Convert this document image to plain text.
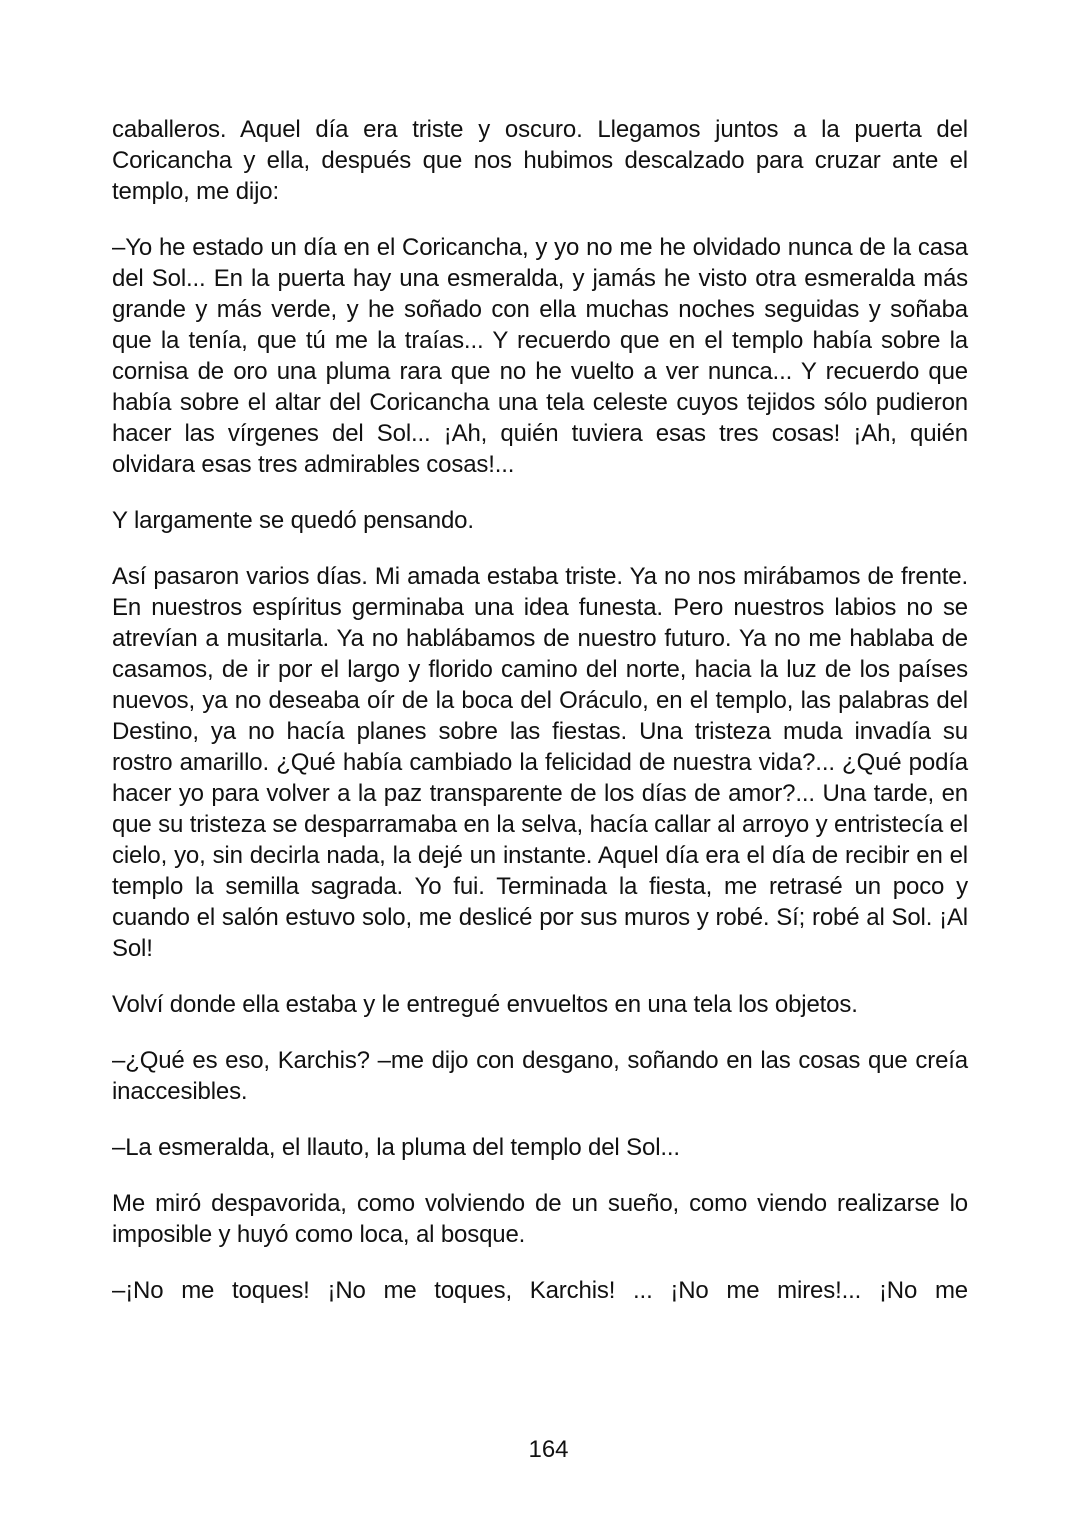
caballeros. Aquel día era triste y oscuro. Llegamos juntos a la puerta del Coricancha y ella, después que nos hubimos descalzado para cruzar ante el templo, me dijo:

–Yo he estado un día en el Coricancha, y yo no me he olvidado nunca de la casa del Sol... En la puerta hay una esmeralda, y jamás he visto otra esmeralda más grande y más verde, y he soñado con ella muchas noches seguidas y soñaba que la tenía, que tú me la traías... Y recuerdo que en el templo había sobre la cornisa de oro una pluma rara que no he vuelto a ver nunca... Y recuerdo que había sobre el altar del Coricancha una tela celeste cuyos tejidos sólo pudieron hacer las vírgenes del Sol... ¡Ah, quién tuviera esas tres cosas! ¡Ah, quién olvidara esas tres admirables cosas!...

Y largamente se quedó pensando.

Así pasaron varios días. Mi amada estaba triste. Ya no nos mirábamos de frente. En nuestros espíritus germinaba una idea funesta. Pero nuestros labios no se atrevían a musitarla. Ya no hablábamos de nuestro futuro. Ya no me hablaba de casamos, de ir por el largo y florido camino del norte, hacia la luz de los países nuevos, ya no deseaba oír de la boca del Oráculo, en el templo, las palabras del Destino, ya no hacía planes sobre las fiestas. Una tristeza muda invadía su rostro amarillo. ¿Qué había cambiado la felicidad de nuestra vida?... ¿Qué podía hacer yo para volver a la paz transparente de los días de amor?... Una tarde, en que su tristeza se desparramaba en la selva, hacía callar al arroyo y entristecía el cielo, yo, sin decirla nada, la dejé un instante. Aquel día era el día de recibir en el templo la semilla sagrada. Yo fui. Terminada la fiesta, me retrasé un poco y cuando el salón estuvo solo, me deslicé por sus muros y robé. Sí; robé al Sol. ¡Al Sol!

Volví donde ella estaba y le entregué envueltos en una tela los objetos.

–¿Qué es eso, Karchis? –me dijo con desgano, soñando en las cosas que creía inaccesibles.

–La esmeralda, el llauto, la pluma del templo del Sol...

Me miró despavorida, como volviendo de un sueño, como viendo realizarse lo imposible y huyó como loca, al bosque.

–¡No me toques! ¡No me toques, Karchis! ... ¡No me mires!... ¡No me

164
